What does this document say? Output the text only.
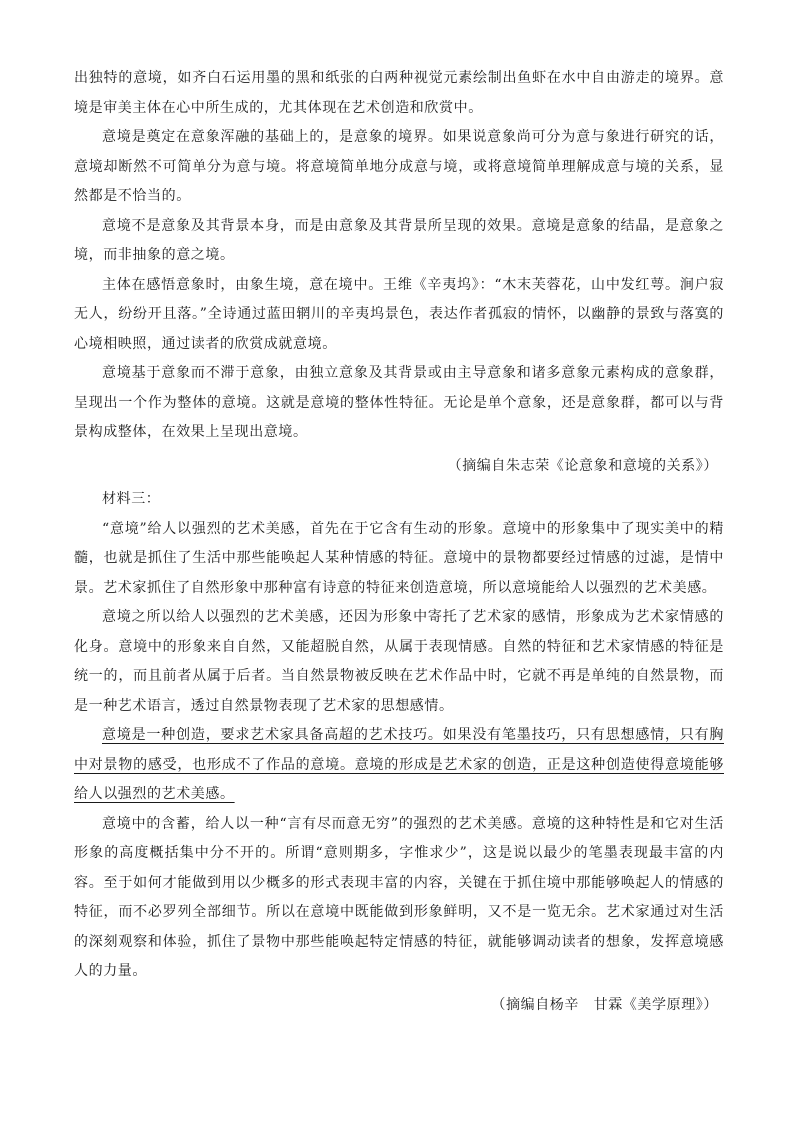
出独特的意境，如齐白石运用墨的黑和纸张的白两种视觉元素绘制出鱼虾在水中自由游走的境界。意境是审美主体在心中所生成的，尤其体现在艺术创造和欣赏中。

意境是奠定在意象浑融的基础上的，是意象的境界。如果说意象尚可分为意与象进行研究的话，意境却断然不可简单分为意与境。将意境简单地分成意与境，或将意境简单理解成意与境的关系，显然都是不恰当的。

意境不是意象及其背景本身，而是由意象及其背景所呈现的效果。意境是意象的结晶，是意象之境，而非抽象的意之境。

主体在感悟意象时，由象生境，意在境中。王维《辛夷坞》：“木末芙蓉花，山中发红萼。涧户寂无人，纷纷开且落。”全诗通过蓝田辋川的辛夷坞景色，表达作者孤寂的情怀，以幽静的景致与落寞的心境相映照，通过读者的欣赏成就意境。

意境基于意象而不滞于意象，由独立意象及其背景或由主导意象和诸多意象元素构成的意象群，呈现出一个作为整体的意境。这就是意境的整体性特征。无论是单个意象，还是意象群，都可以与背景构成整体，在效果上呈现出意境。

（摘编自朱志荣《论意象和意境的关系》）

材料三：

“意境”给人以强烈的艺术美感，首先在于它含有生动的形象。意境中的形象集中了现实美中的精髓，也就是抓住了生活中那些能唤起人某种情感的特征。意境中的景物都要经过情感的过滤，是情中景。艺术家抓住了自然形象中那种富有诗意的特征来创造意境，所以意境能给人以强烈的艺术美感。

意境之所以给人以强烈的艺术美感，还因为形象中寄托了艺术家的感情，形象成为艺术家情感的化身。意境中的形象来自自然，又能超脱自然，从属于表现情感。自然的特征和艺术家情感的特征是统一的，而且前者从属于后者。当自然景物被反映在艺术作品中时，它就不再是单纯的自然景物，而是一种艺术语言，透过自然景物表现了艺术家的思想感情。

意境是一种创造，要求艺术家具备高超的艺术技巧。如果没有笔墨技巧，只有思想感情，只有胸中对景物的感受，也形成不了作品的意境。意境的形成是艺术家的创造，正是这种创造使得意境能够给人以强烈的艺术美感。

意境中的含蓄，给人以一种“言有尽而意无穷”的强烈的艺术美感。意境的这种特性是和它对生活形象的高度概括集中分不开的。所谓“意则期多，字惟求少”，这是说以最少的笔墨表现最丰富的内容。至于如何才能做到用以少概多的形式表现丰富的内容，关键在于抓住境中那能够唤起人的情感的特征，而不必罗列全部细节。所以在意境中既能做到形象鲜明，又不是一览无余。艺术家通过对生活的深刻观察和体验，抓住了景物中那些能唤起特定情感的特征，就能够调动读者的想象，发挥意境感人的力量。

（摘编自杨辛　甘霖《美学原理》）
